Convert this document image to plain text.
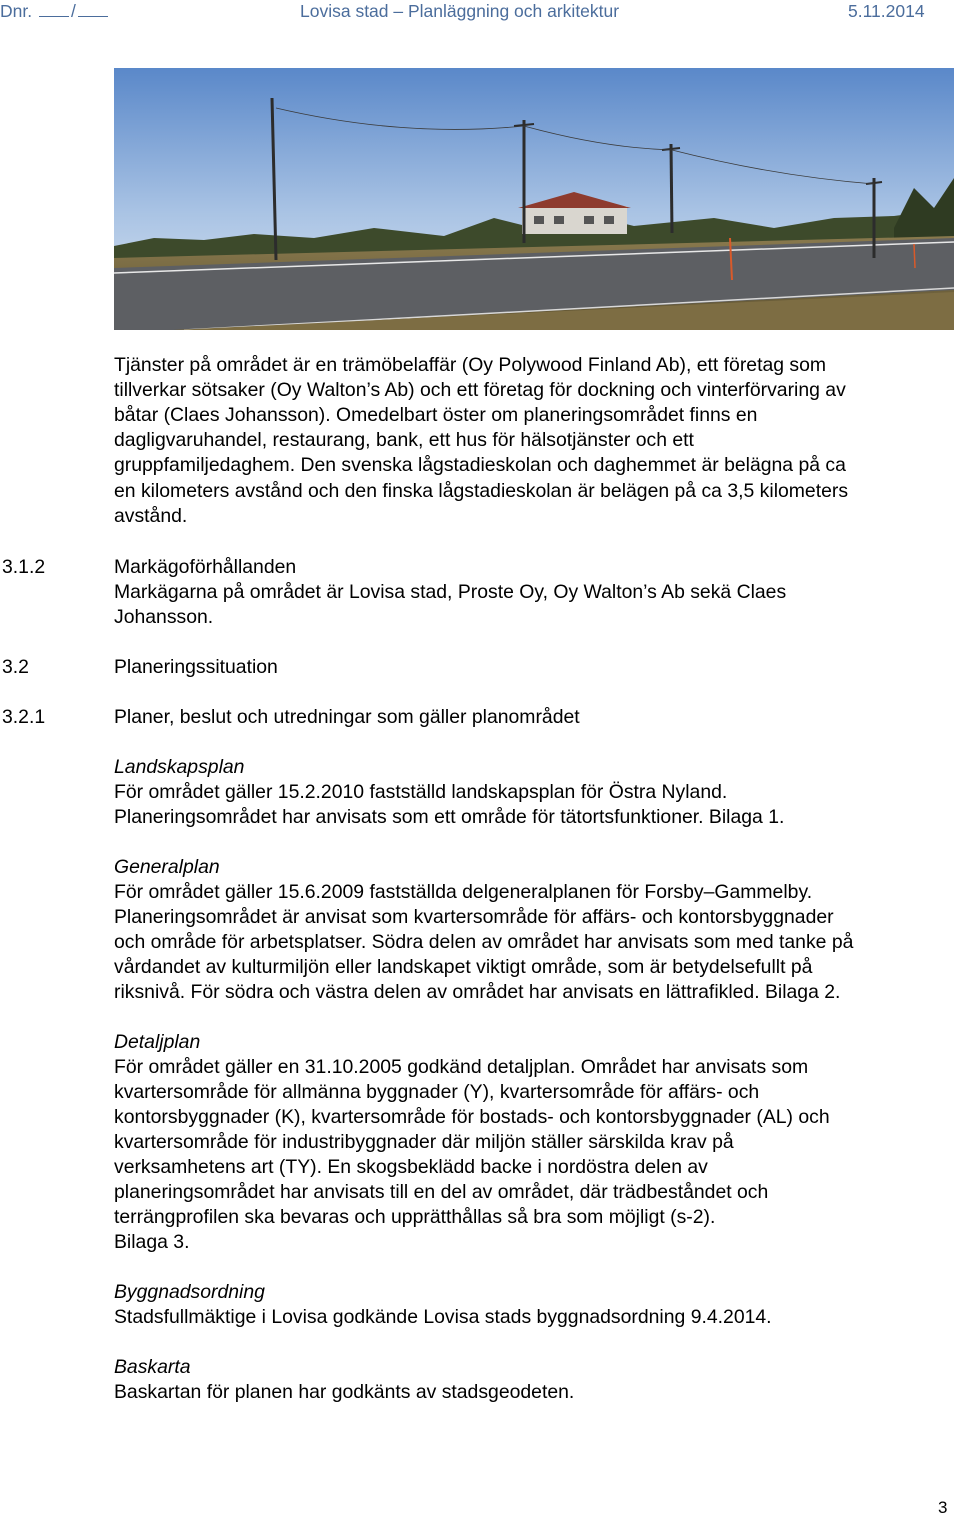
Dnr. /	Lovisa stad – Planläggning och arkitektur	5.11.2014

Tjänster på området är en trämöbelaffär (Oy Polywood Finland Ab), ett företag som

tillverkar sötsaker (Oy Walton’s Ab) och ett företag för dockning och vinterförvaring av

båtar (Claes Johansson). Omedelbart öster om planeringsområdet finns en

dagligvaruhandel, restaurang, bank, ett hus för hälsotjänster och ett

gruppfamiljedaghem. Den svenska lågstadieskolan och daghemmet är belägna på ca

en kilometers avstånd och den finska lågstadieskolan är belägen på ca 3,5 kilometers

avstånd.

3.1.2	Markägoförhållanden

Markägarna på området är Lovisa stad, Proste Oy, Oy Walton’s Ab sekä Claes

Johansson.

3.2	Planeringssituation

3.2.1	Planer, beslut och utredningar som gäller planområdet

Landskapsplan

För området gäller 15.2.2010 fastställd landskapsplan för Östra Nyland.

Planeringsområdet har anvisats som ett område för tätortsfunktioner. Bilaga 1.

Generalplan

För området gäller 15.6.2009 fastställda delgeneralplanen för Forsby–Gammelby.

Planeringsområdet är anvisat som kvartersområde för affärs- och kontorsbyggnader

och område för arbetsplatser. Södra delen av området har anvisats som med tanke på

vårdandet av kulturmiljön eller landskapet viktigt område, som är betydelsefullt på

riksnivå. För södra och västra delen av området har anvisats en lättrafikled. Bilaga 2.

Detaljplan

För området gäller en 31.10.2005 godkänd detaljplan. Området har anvisats som

kvartersområde för allmänna byggnader (Y), kvartersområde för affärs- och

kontorsbyggnader (K), kvartersområde för bostads- och kontorsbyggnader (AL) och

kvartersområde för industribyggnader där miljön ställer särskilda krav på

verksamhetens art (TY). En skogsbeklädd backe i nordöstra delen av

planeringsområdet har anvisats till en del av området, där trädbeståndet och

terrängprofilen ska bevaras och upprätthållas så bra som möjligt (s-2).

Bilaga 3.

Byggnadsordning

Stadsfullmäktige i Lovisa godkände Lovisa stads byggnadsordning 9.4.2014.

Baskarta

Baskartan för planen har godkänts av stadsgeodeten.

3
